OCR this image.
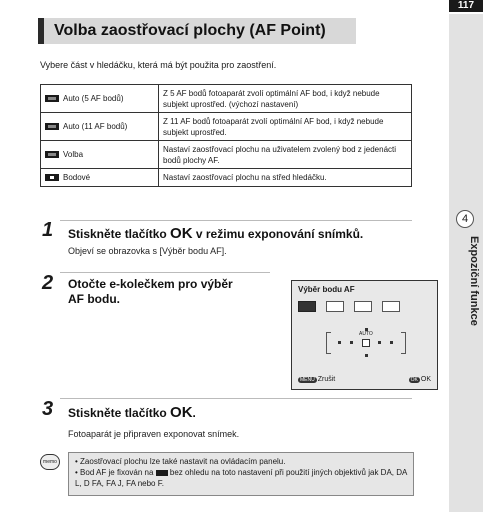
117
4
Expoziční funkce
Volba zaostřovací plochy (AF Point)
Vybere část v hledáčku, která má být použita pro zaostření.
Auto (5 AF bodů)	Z 5 AF bodů fotoaparát zvolí optimální AF bod, i když nebude subjekt uprostřed. (výchozí nastavení)
Auto (11 AF bodů)	Z 11 AF bodů fotoaparát zvolí optimální AF bod, i když nebude subjekt uprostřed.
Volba	Nastaví zaostřovací plochu na uživatelem zvolený bod z jedenácti bodů plochy AF.
Bodové	Nastaví zaostřovací plochu na střed hledáčku.
1 Stiskněte tlačítko OK v režimu exponování snímků.
Objeví se obrazovka s [Výběr bodu AF].
2 Otočte e-kolečkem pro výběr
AF bodu.
Výběr bodu AF
AUTO
MENU Zrušit	OK OK
3 Stiskněte tlačítko OK.
Fotoaparát je připraven exponovat snímek.
memo	• Zaostřovací plochu lze také nastavit na ovládacím panelu.
• Bod AF je fixován na  bez ohledu na toto nastavení při použití jiných objektivů jak DA, DA L, D FA, FA J, FA nebo F.
